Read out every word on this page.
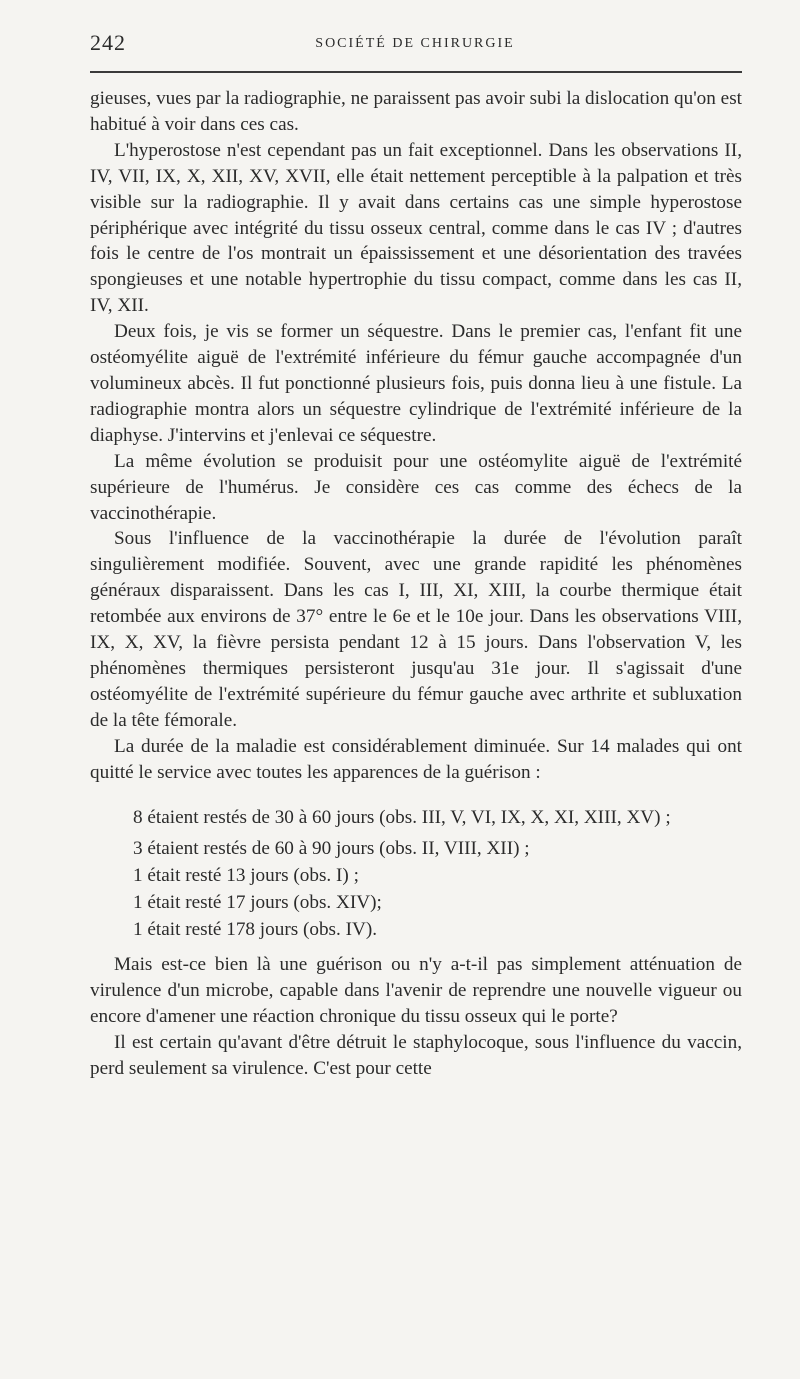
242	SOCIÉTÉ DE CHIRURGIE

gieuses, vues par la radiographie, ne paraissent pas avoir subi la dislocation qu'on est habitué à voir dans ces cas.

L'hyperostose n'est cependant pas un fait exceptionnel. Dans les observations II, IV, VII, IX, X, XII, XV, XVII, elle était nettement perceptible à la palpation et très visible sur la radiographie. Il y avait dans certains cas une simple hyperostose périphérique avec intégrité du tissu osseux central, comme dans le cas IV ; d'autres fois le centre de l'os montrait un épaississement et une désorientation des travées spongieuses et une notable hypertrophie du tissu compact, comme dans les cas II, IV, XII.

Deux fois, je vis se former un séquestre. Dans le premier cas, l'enfant fit une ostéomyélite aiguë de l'extrémité inférieure du fémur gauche accompagnée d'un volumineux abcès. Il fut ponctionné plusieurs fois, puis donna lieu à une fistule. La radiographie montra alors un séquestre cylindrique de l'extrémité inférieure de la diaphyse. J'intervins et j'enlevai ce séquestre.

La même évolution se produisit pour une ostéomylite aiguë de l'extrémité supérieure de l'humérus. Je considère ces cas comme des échecs de la vaccinothérapie.

Sous l'influence de la vaccinothérapie la durée de l'évolution paraît singulièrement modifiée. Souvent, avec une grande rapidité les phénomènes généraux disparaissent. Dans les cas I, III, XI, XIII, la courbe thermique était retombée aux environs de 37° entre le 6e et le 10e jour. Dans les observations VIII, IX, X, XV, la fièvre persista pendant 12 à 15 jours. Dans l'observation V, les phénomènes thermiques persisteront jusqu'au 31e jour. Il s'agissait d'une ostéomyélite de l'extrémité supérieure du fémur gauche avec arthrite et subluxation de la tête fémorale.

La durée de la maladie est considérablement diminuée. Sur 14 malades qui ont quitté le service avec toutes les apparences de la guérison :

8 étaient restés de 30 à 60 jours (obs. III, V, VI, IX, X, XI, XIII, XV) ;
3 étaient restés de 60 à 90 jours (obs. II, VIII, XII) ;
1 était resté 13 jours (obs. I) ;
1 était resté 17 jours (obs. XIV);
1 était resté 178 jours (obs. IV).

Mais est-ce bien là une guérison ou n'y a-t-il pas simplement atténuation de virulence d'un microbe, capable dans l'avenir de reprendre une nouvelle vigueur ou encore d'amener une réaction chronique du tissu osseux qui le porte?

Il est certain qu'avant d'être détruit le staphylocoque, sous l'influence du vaccin, perd seulement sa virulence. C'est pour cette
